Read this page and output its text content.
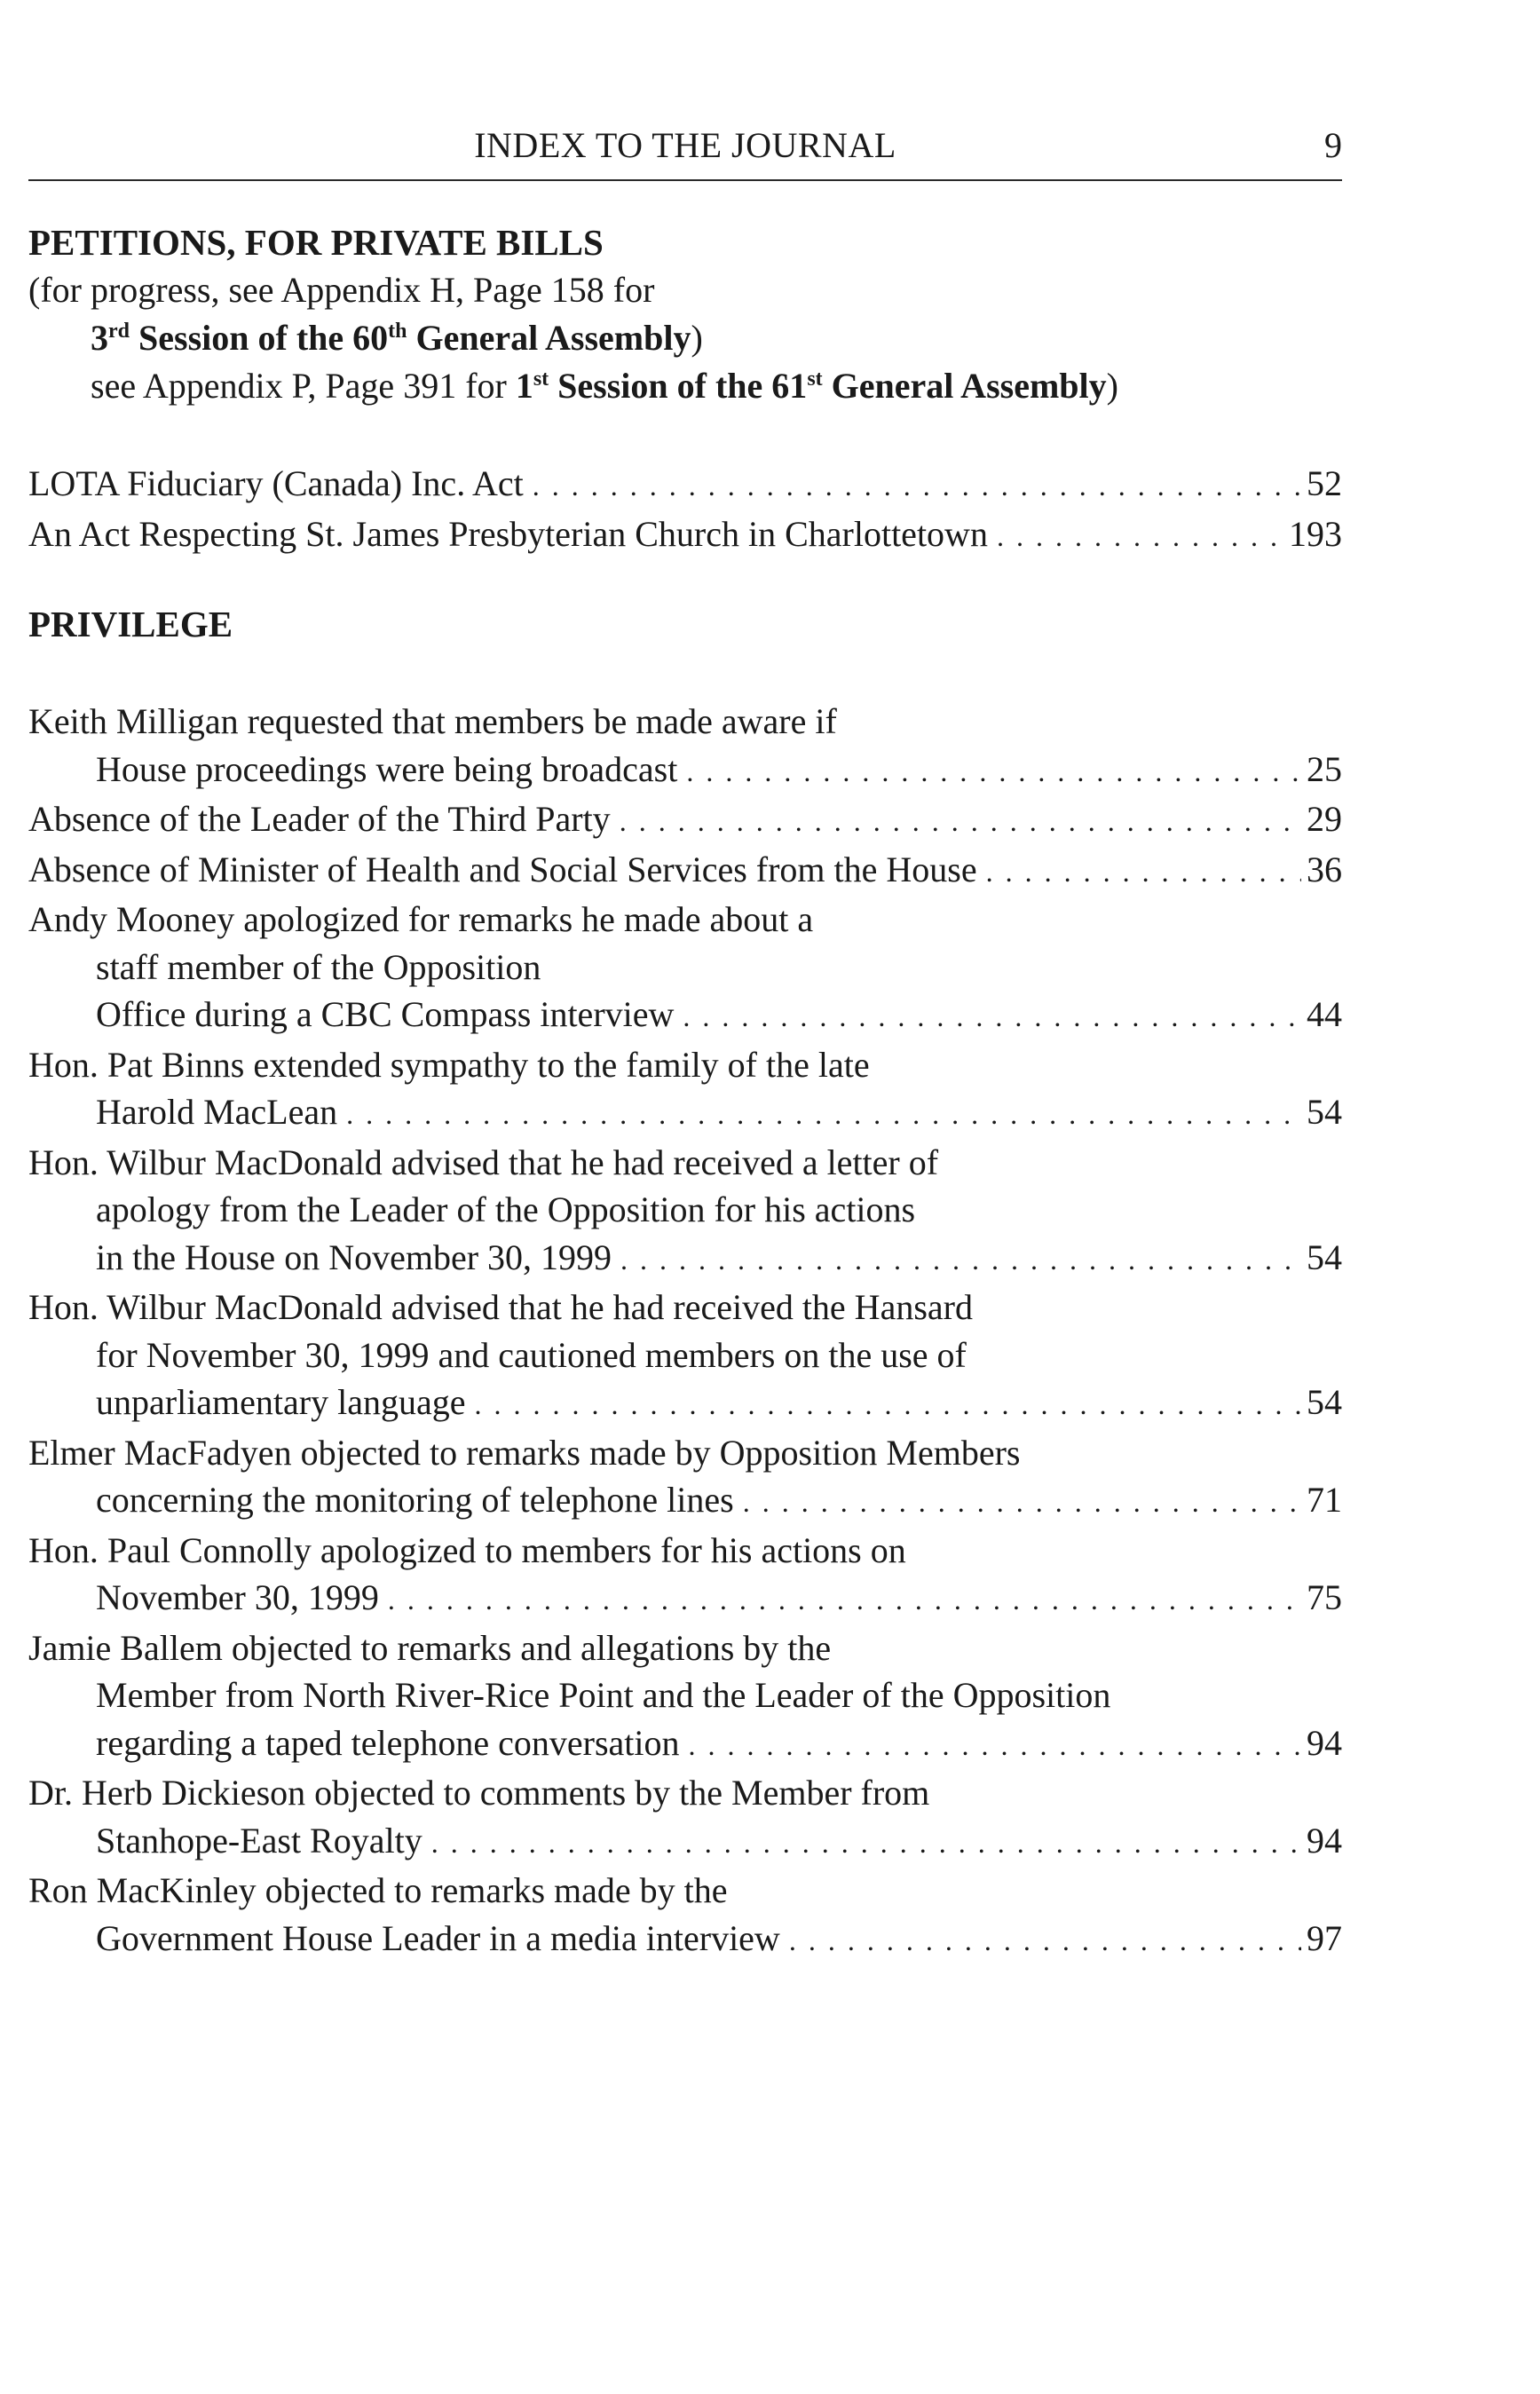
INDEX TO THE JOURNAL	9
PETITIONS, FOR PRIVATE BILLS
(for progress, see Appendix H, Page 158 for
3rd Session of the 60th General Assembly)
see Appendix P, Page 391 for 1st Session of the 61st General Assembly)
LOTA Fiduciary (Canada) Inc. Act . . .	52
An Act Respecting St. James Presbyterian Church in Charlottetown . . .	193
PRIVILEGE
Keith Milligan requested that members be made aware if
House proceedings were being broadcast . . .	25
Absence of the Leader of the Third Party . . .	29
Absence of Minister of Health and Social Services from the House . . .	36
Andy Mooney apologized for remarks he made about a
staff member of the Opposition
Office during a CBC Compass interview . . .	44
Hon. Pat Binns extended sympathy to the family of the late
Harold MacLean . . .	54
Hon. Wilbur MacDonald advised that he had received a letter of
apology from the Leader of the Opposition for his actions
in the House on November 30, 1999 . . .	54
Hon. Wilbur MacDonald advised that he had received the Hansard
for November 30, 1999 and cautioned members on the use of
unparliamentary language . . .	54
Elmer MacFadyen objected to remarks made by Opposition Members
concerning the monitoring of telephone lines . . .	71
Hon. Paul Connolly apologized to members for his actions on
November 30, 1999 . . .	75
Jamie Ballem objected to remarks and allegations by the
Member from North River-Rice Point and the Leader of the Opposition
regarding a taped telephone conversation . . .	94
Dr. Herb Dickieson objected to comments by the Member from
Stanhope-East Royalty . . .	94
Ron MacKinley objected to remarks made by the
Government House Leader in a media interview . . .	97
